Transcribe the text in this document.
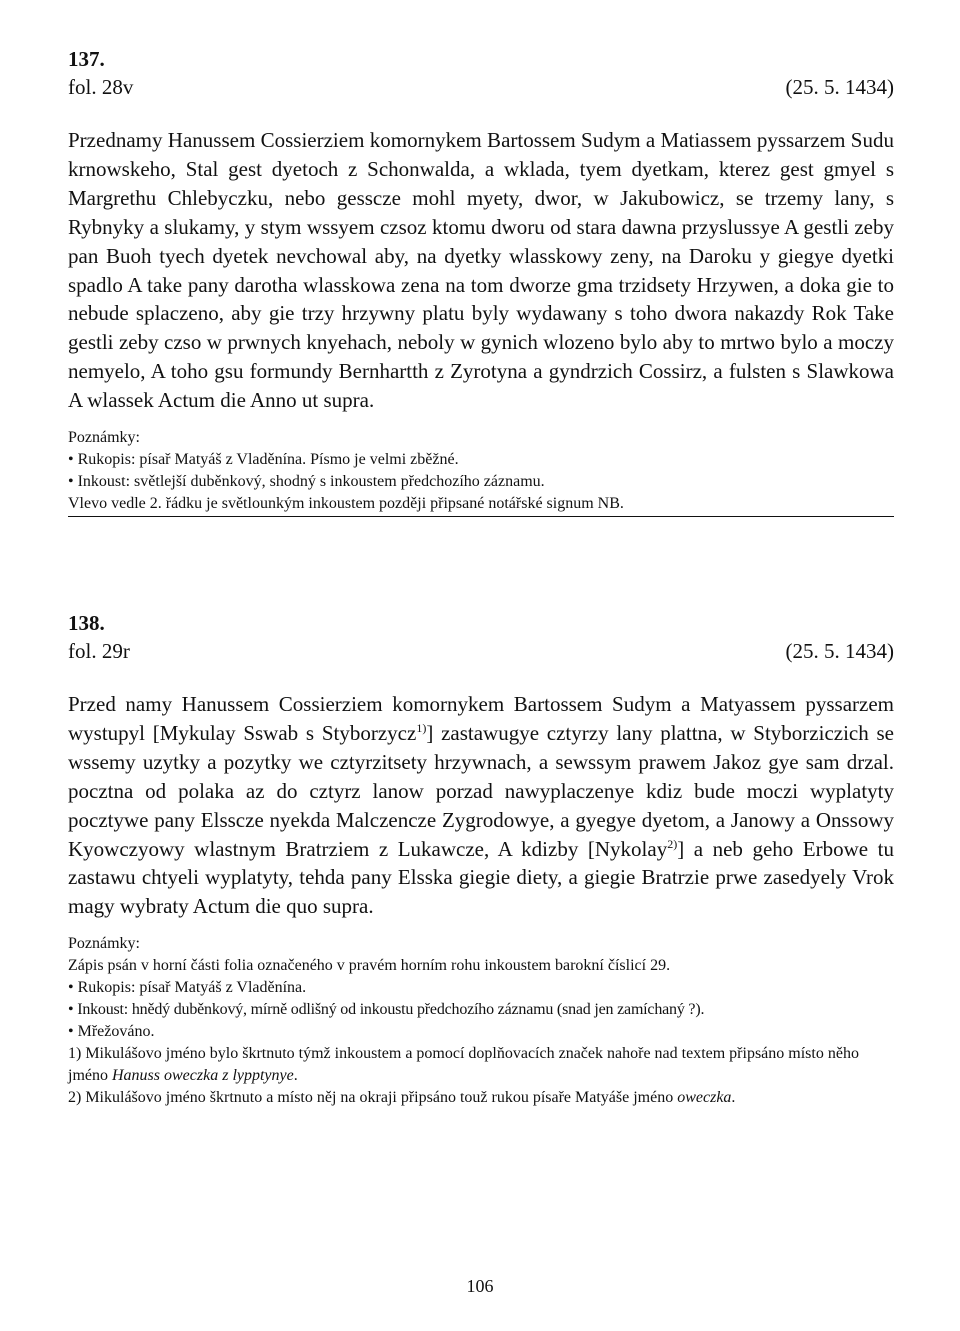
137.

fol. 28v	(25. 5. 1434)

Przednamy Hanussem Cossierziem komornykem Bartossem Sudym a Matiassem pyssarzem Sudu krnowskeho, Stal gest dyetoch z Schonwalda, a wklada, tyem dyetkam, kterez gest gmyel s Margrethu Chlebyczku, nebo gesscze mohl myety, dwor, w Jakubowicz, se trzemy lany, s Rybnyky a slukamy, y stym wssyem czsoz ktomu dworu od stara dawna przyslussye A gestli zeby pan Buoh tyech dyetek nevchowal aby, na dyetky wlasskowy zeny, na Daroku y giegye dyetki spadlo A take pany darotha wlasskowa zena na tom dworze gma trzidsety Hrzywen, a doka gie to nebude splaczeno, aby gie trzy hrzywny platu byly wydawany s toho dwora nakazdy Rok Take gestli zeby czso w prwnych knyehach, neboly w gynich wlozeno bylo aby to mrtwo bylo a moczy nemyelo, A toho gsu formundy Bernhartth z Zyrotyna a gyndrzich Cossirz, a fulsten s Slawkowa A wlassek Actum die Anno ut supra.

Poznámky:
• Rukopis: písař Matyáš z Vladěnína. Písmo je velmi zběžné.
• Inkoust: světlejší duběnkový, shodný s inkoustem předchozího záznamu.
Vlevo vedle 2. řádku je světlounkým inkoustem později připsané notářské signum NB.

138.

fol. 29r	(25. 5. 1434)

Przed namy Hanussem Cossierziem komornykem Bartossem Sudym a Matyassem pyssarzem wystupyl [Mykulay Sswab s Styborzycz$^{1)}$] zastawugye cztyrzy lany plattna, w Styborziczich se wssemy uzytky a pozytky we cztyrzitsety hrzywnach, a sewssym prawem Jakoz gye sam drzal. pocztna od polaka az do cztyrz lanow porzad nawyplaczenye kdiz bude moczi wyplatyty pocztywe pany Elsscze nyekda Malczencze Zygrodowye, a gyegye dyetom, a Janowy a Onssowy Kyowczyowy wlastnym Bratrziem z Lukawcze, A kdizby [Nykolay$^{2)}$] a neb geho Erbowe tu zastawu chtyeli wyplatyty, tehda pany Elsska giegie diety, a giegie Bratrzie prwe zasedyely Vrok magy wybraty Actum die quo supra.

Poznámky:
Zápis psán v horní části folia označeného v pravém horním rohu inkoustem barokní číslicí 29.
• Rukopis: písař Matyáš z Vladěnína.
• Inkoust: hnědý duběnkový, mírně odlišný od inkoustu předchozího záznamu (snad jen zamíchaný ?).
• Mřežováno.
1) Mikulášovo jméno bylo škrtnuto týmž inkoustem a pomocí doplňovacích značek nahoře nad textem připsáno místo něho jméno Hanuss oweczka z lypptynye.
2) Mikulášovo jméno škrtnuto a místo něj na okraji připsáno touž rukou písaře Matyáše jméno oweczka.
106
